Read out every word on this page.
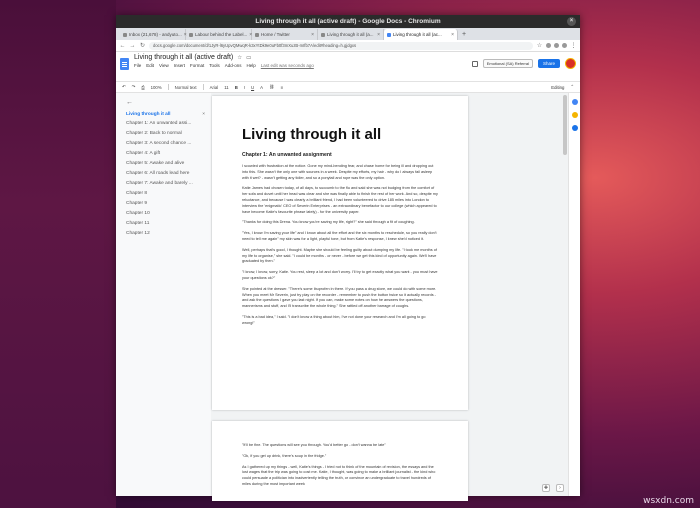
Living through it all (active draft) - Google Docs - Chromium	×
Inbox (21,678) - andyuto... × Labour behind the Label... × Home / Twitter	×	Living through it all (a... ×	Living through it all (ac... ×	+
← → ↻ docs.google.com/document/d/1JyR-l6yUpvQMwqR-k3xYtDk9e0uFb0f3mXuzB-mIfb7A/edit#heading=h.gjdgxs	☆	⋮
Living through it all (active draft) ☆ ▭
File Edit View Insert Format Tools Add-ons Help Last edit was seconds ago	Emotional (SA) Referral	Share
↶ ↷ ⎙ 100%	Normal text	Arial 11 B I U A ⛓ ≡	Editing ⌃
←
Living through it all	×
Chapter 1: An unwanted assi...
Chapter 2: Back to normal
Chapter 3: A second chance ...
Chapter 4: A gift
Chapter 5: Awake and alive
Chapter 6: All roads lead here
Chapter 7: Awake and barely ...
Chapter 8
Chapter 9
Chapter 10
Chapter 11
Chapter 12
Living through it all
Chapter 1: An unwanted assignment

I scowled with frustration at the notice. Gone my mind-bending fear, and chase home for being ill and dropping out into this. She wasn't the only one with sources in a week. Despite my efforts, my hair - why do I always fail asleep with it wet? - wasn't getting any tidier, and so a ponytail and rope was the only option.

Katie James had chosen today, of all days, to succumb to the flu and said she was not budging from the comfort of her sofa and duvet until her head was clear and she was finally able to finish the rest of her work. And so, despite my reluctance, and because I was clearly a brilliant friend, I had been volunteered to drive 185 miles into London to interview the 'enigmatic' CEO of Severin Enterprises - an extraordinary benefactor to our college (which appeared to have become Katie's favourite phrase lately) - for the university paper.

"Thanks for doing this Drena. You know you're saving my life, right?" she said through a fit of coughing.

"Yes, I know I'm saving your life" and I know about all the effort and the six months to reschedule, so you really don't need to tell me again" my skin was for a light, playful tone, but from Katie's response, I knew she'd noticed it.

Well, perhaps that's good, I thought. Maybe she should be feeling guilty about dumping my life. "I took me months of my life to organise," she said. "I could be months - or never - before we get this kind of opportunity again. We'll have graduated by then."

"I know, I know, sorry, Katie. You rest, sleep a lot and don't worry. I'll try to get exactly what you want - you must have your questions ok?"

She pointed at the dresser. "There's some ibuprofen in there. If you pass a drug store, we could do with some more. When you meet Mr Severin, just try play on the recorder - remember to push the button twice so it actually records - and ask the questions I gave you last night. If you can, make some notes on how he answers the questions, mannerisms and stuff, and I'll transcribe the whole thing." She rattled off another barrage of coughs.

"This is a bad idea," I said. "I don't know a thing about him, I've not done your research and I'm all going to go wrong!"

"It'll be fine. The questions will see you through. You'd better go - don't wanna be late"

"Ok, if you get up drink, there's soup in the fridge."

As I gathered up my things - well, Katie's things - I tried not to think of the mountain of revision, the essays and the lost wages that the trip was going to cost me. Katie, I thought, was going to make a brilliant journalist - the kind who could persuade a politician into inadvertently telling the truth, or convince an undergraduate to travel hundreds of miles during the most important week

✚	›
wsxdn.com
